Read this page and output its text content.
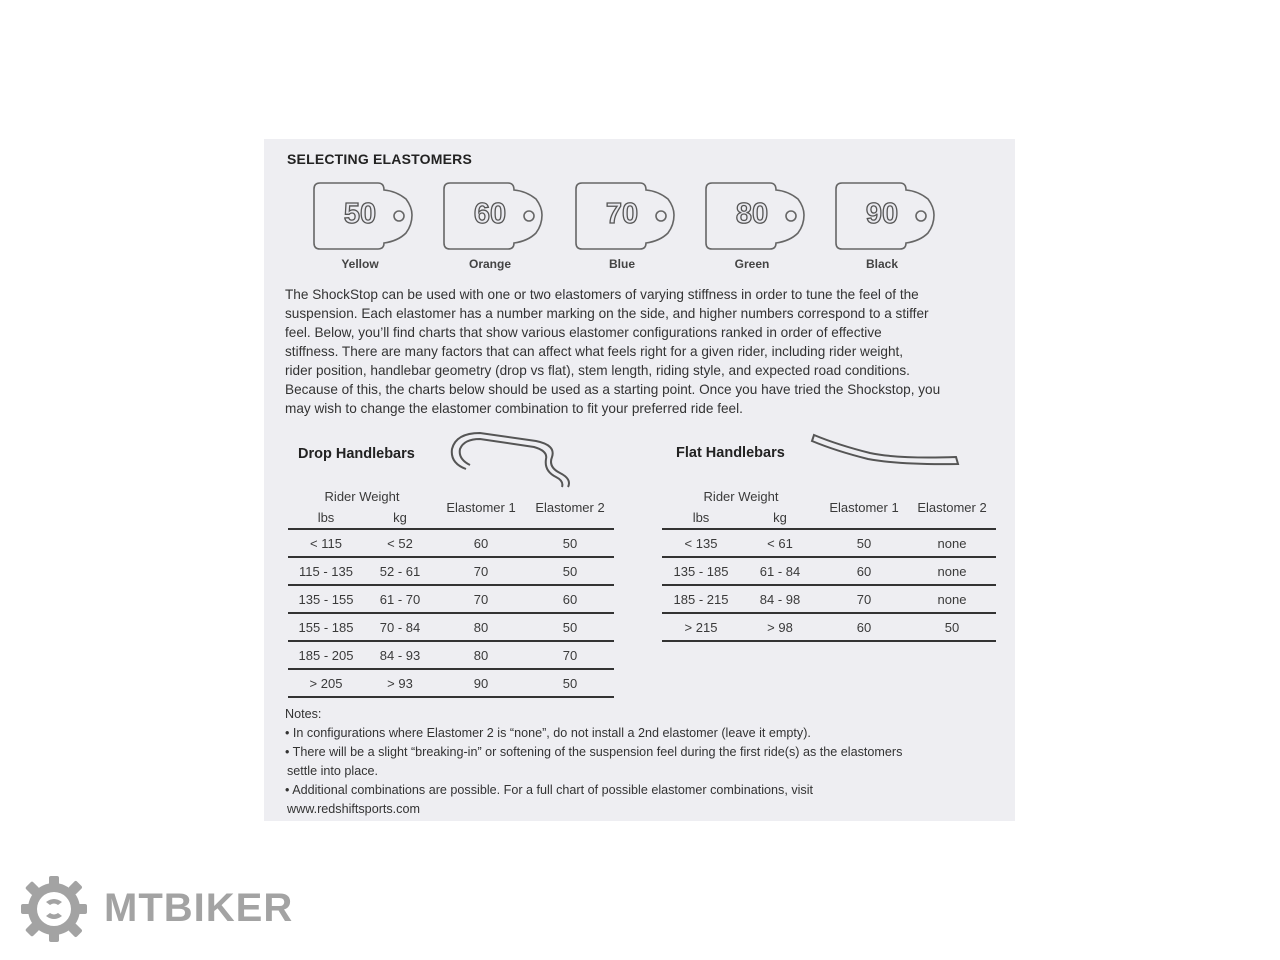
SELECTING ELASTOMERS
50
Yellow
60
Orange
70
Blue
80
Green
90
Black
The ShockStop can be used with one or two elastomers of varying stiffness in order to tune the feel of the
suspension. Each elastomer has a number marking on the side, and higher numbers correspond to a stiffer
feel. Below, you’ll find charts that show various elastomer configurations ranked in order of effective
stiffness. There are many factors that can affect what feels right for a given rider, including rider weight,
rider position, handlebar geometry (drop vs flat), stem length, riding style, and expected road conditions.
Because of this, the charts below should be used as a starting point. Once you have tried the Shockstop, you
may wish to change the elastomer combination to fit your preferred ride feel.
Drop Handlebars
Rider Weight		Elastomer 1	Elastomer 2
lbs	kg		
< 115	< 52	60	50
115 - 135	52 - 61	70	50
135 - 155	61 - 70	70	60
155 - 185	70 - 84	80	50
185 - 205	84 - 93	80	70
> 205	> 93	90	50
Flat Handlebars
Rider Weight		Elastomer 1	Elastomer 2
lbs	kg		
< 135	< 61	50	none
135 - 185	61 - 84	60	none
185 - 215	84 - 98	70	none
> 215	> 98	60	50
Notes:
• In configurations where Elastomer 2 is “none”, do not install a 2nd elastomer (leave it empty).
• There will be a slight “breaking-in” or softening of the suspension feel during the first ride(s) as the elastomers
settle into place.
• Additional combinations are possible. For a full chart of possible elastomer combinations, visit
www.redshiftsports.com
MTBIKER
